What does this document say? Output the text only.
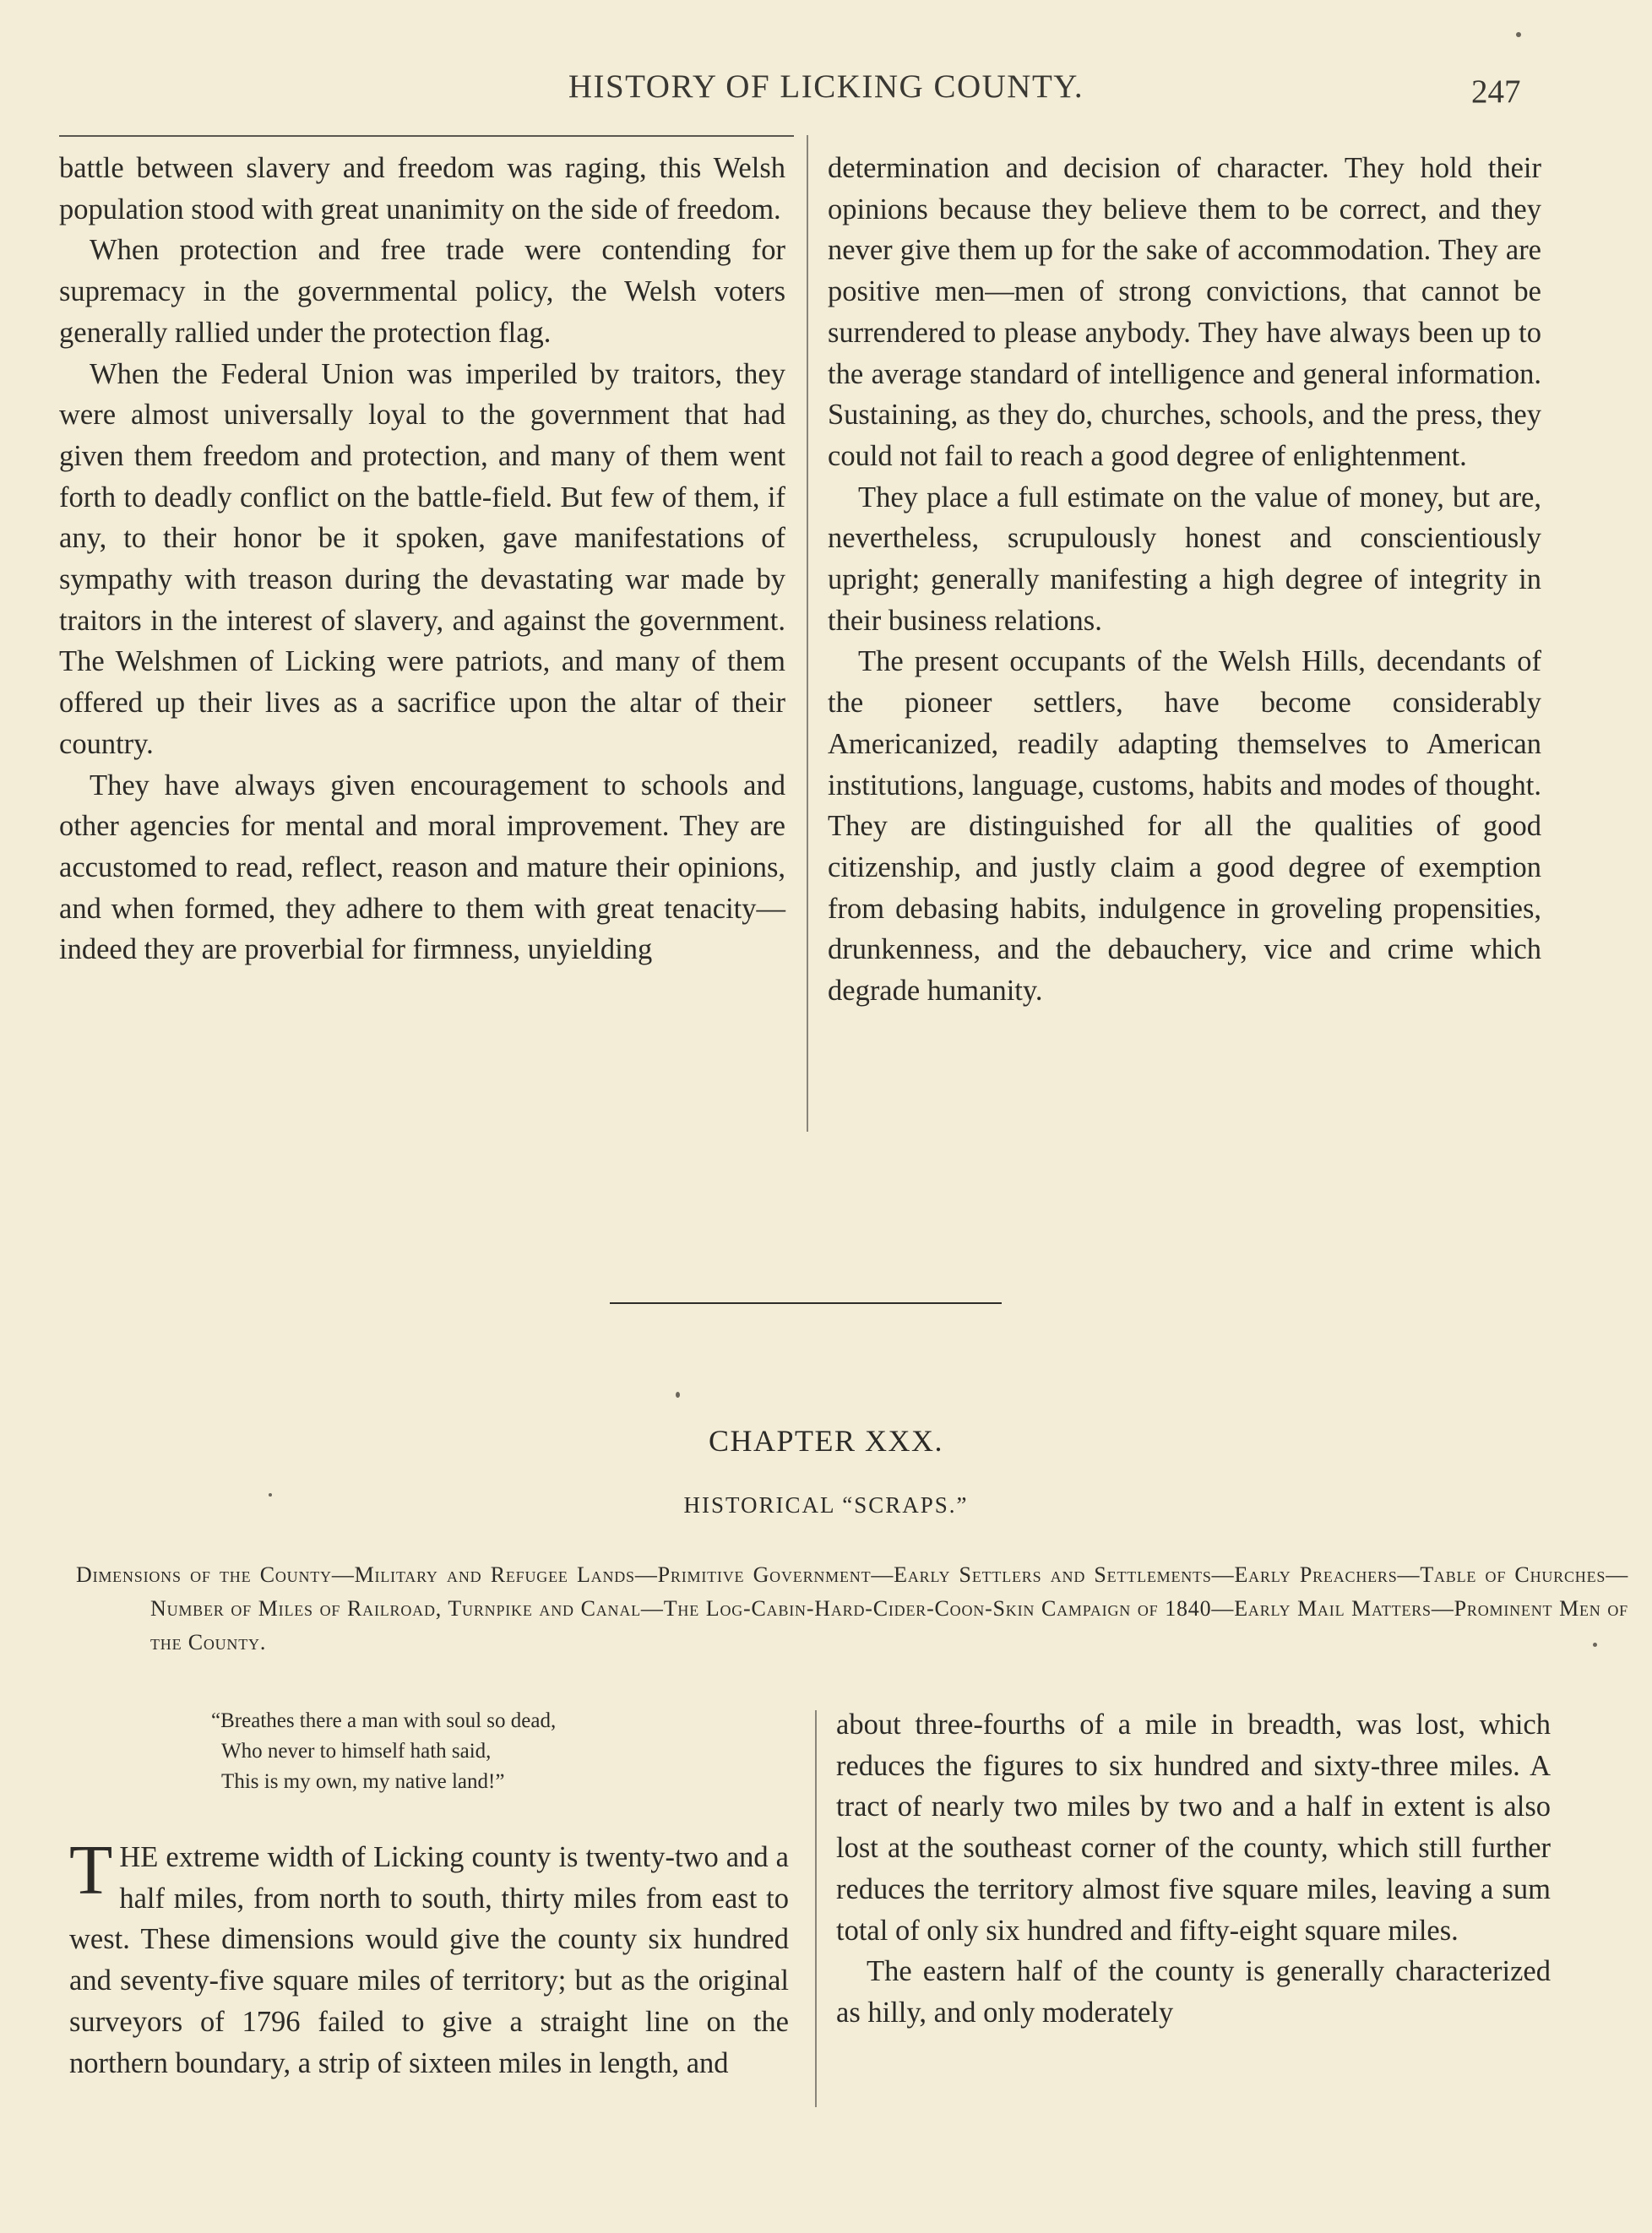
HISTORY OF LICKING COUNTY.	247

battle between slavery and freedom was raging, this Welsh population stood with great unanimity on the side of freedom.

When protection and free trade were contending for supremacy in the governmental policy, the Welsh voters generally rallied under the protection flag.

When the Federal Union was imperiled by traitors, they were almost universally loyal to the government that had given them freedom and protection, and many of them went forth to deadly conflict on the battle-field. But few of them, if any, to their honor be it spoken, gave manifestations of sympathy with treason during the devastating war made by traitors in the interest of slavery, and against the government. The Welshmen of Licking were patriots, and many of them offered up their lives as a sacrifice upon the altar of their country.

They have always given encouragement to schools and other agencies for mental and moral improvement. They are accustomed to read, reflect, reason and mature their opinions, and when formed, they adhere to them with great tenacity—indeed they are proverbial for firmness, unyielding

determination and decision of character. They hold their opinions because they believe them to be correct, and they never give them up for the sake of accommodation. They are positive men—men of strong convictions, that cannot be surrendered to please anybody. They have always been up to the average standard of intelligence and general information. Sustaining, as they do, churches, schools, and the press, they could not fail to reach a good degree of enlightenment.

They place a full estimate on the value of money, but are, nevertheless, scrupulously honest and conscientiously upright; generally manifesting a high degree of integrity in their business relations.

The present occupants of the Welsh Hills, decendants of the pioneer settlers, have become considerably Americanized, readily adapting themselves to American institutions, language, customs, habits and modes of thought. They are distinguished for all the qualities of good citizenship, and justly claim a good degree of exemption from debasing habits, indulgence in groveling propensities, drunkenness, and the debauchery, vice and crime which degrade humanity.

CHAPTER XXX.
HISTORICAL “SCRAPS.”
Dimensions of the County—Military and Refugee Lands—Primitive Government—Early Settlers and Settlements—Early Preachers—Table of Churches—Number of Miles of Railroad, Turnpike and Canal—The Log-Cabin-Hard-Cider-Coon-Skin Campaign of 1840—Early Mail Matters—Prominent Men of the County.
“Breathes there a man with soul so dead,
Who never to himself hath said,
This is my own, my native land!”

THE extreme width of Licking county is twenty-two and a half miles, from north to south, thirty miles from east to west. These dimensions would give the county six hundred and seventy-five square miles of territory; but as the original surveyors of 1796 failed to give a straight line on the northern boundary, a strip of sixteen miles in length, and

about three-fourths of a mile in breadth, was lost, which reduces the figures to six hundred and sixty-three miles. A tract of nearly two miles by two and a half in extent is also lost at the southeast corner of the county, which still further reduces the territory almost five square miles, leaving a sum total of only six hundred and fifty-eight square miles.

The eastern half of the county is generally characterized as hilly, and only moderately
